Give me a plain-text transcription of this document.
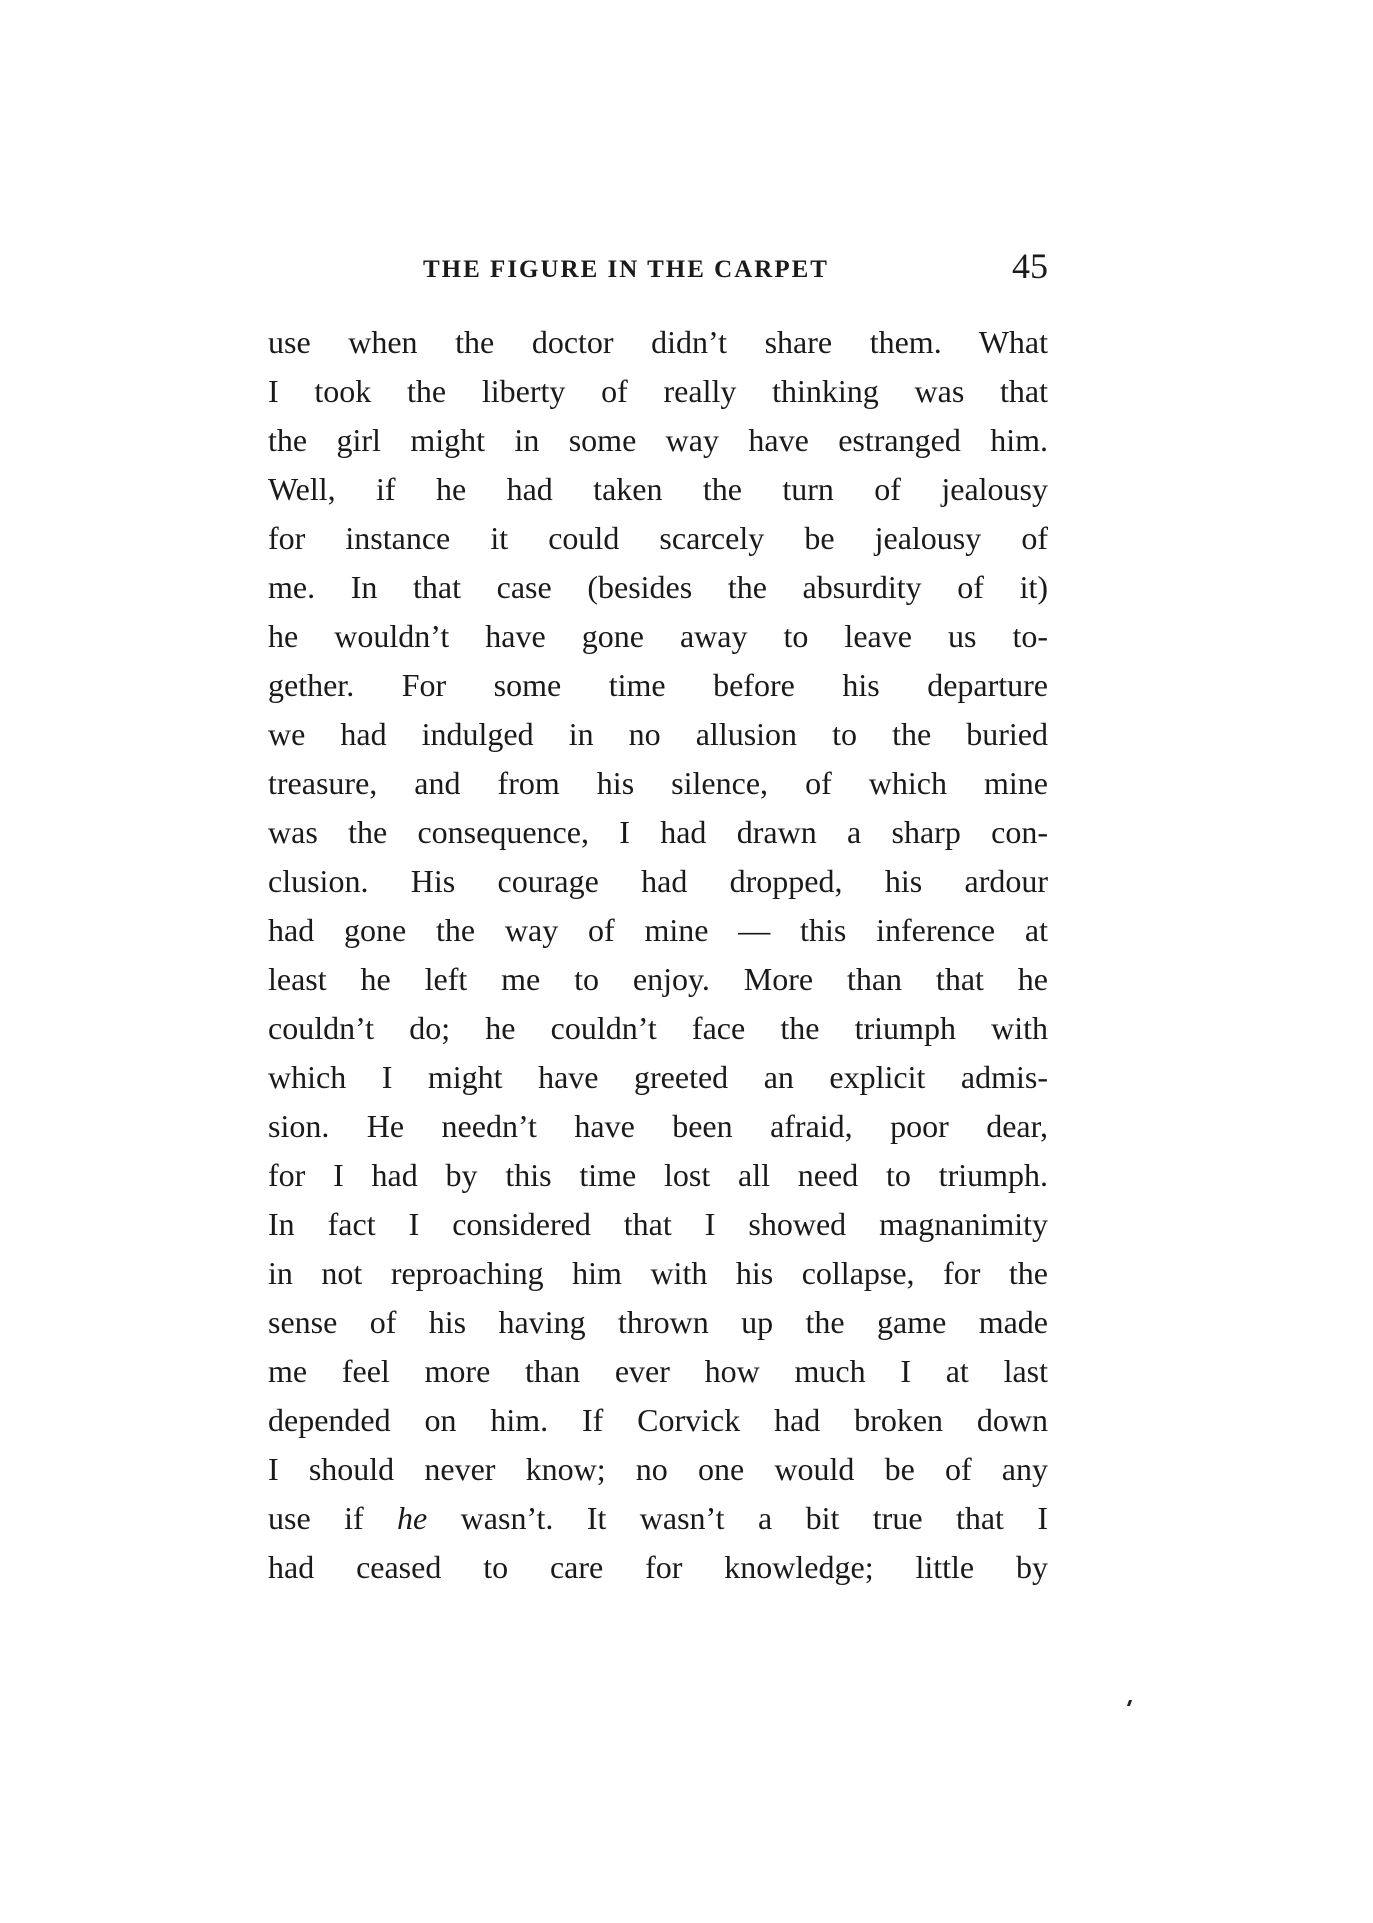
THE FIGURE IN THE CARPET	45
use when the doctor didn’t share them. What
I took the liberty of really thinking was that
the girl might in some way have estranged him.
Well, if he had taken the turn of jealousy
for instance it could scarcely be jealousy of
me. In that case (besides the absurdity of it)
he wouldn’t have gone away to leave us to-
gether. For some time before his departure
we had indulged in no allusion to the buried
treasure, and from his silence, of which mine
was the consequence, I had drawn a sharp con-
clusion. His courage had dropped, his ardour
had gone the way of mine — this inference at
least he left me to enjoy. More than that he
couldn’t do; he couldn’t face the triumph with
which I might have greeted an explicit admis-
sion. He needn’t have been afraid, poor dear,
for I had by this time lost all need to triumph.
In fact I considered that I showed magnanimity
in not reproaching him with his collapse, for the
sense of his having thrown up the game made
me feel more than ever how much I at last
depended on him. If Corvick had broken down
I should never know; no one would be of any
use if he wasn’t. It wasn’t a bit true that I
had ceased to care for knowledge; little by
